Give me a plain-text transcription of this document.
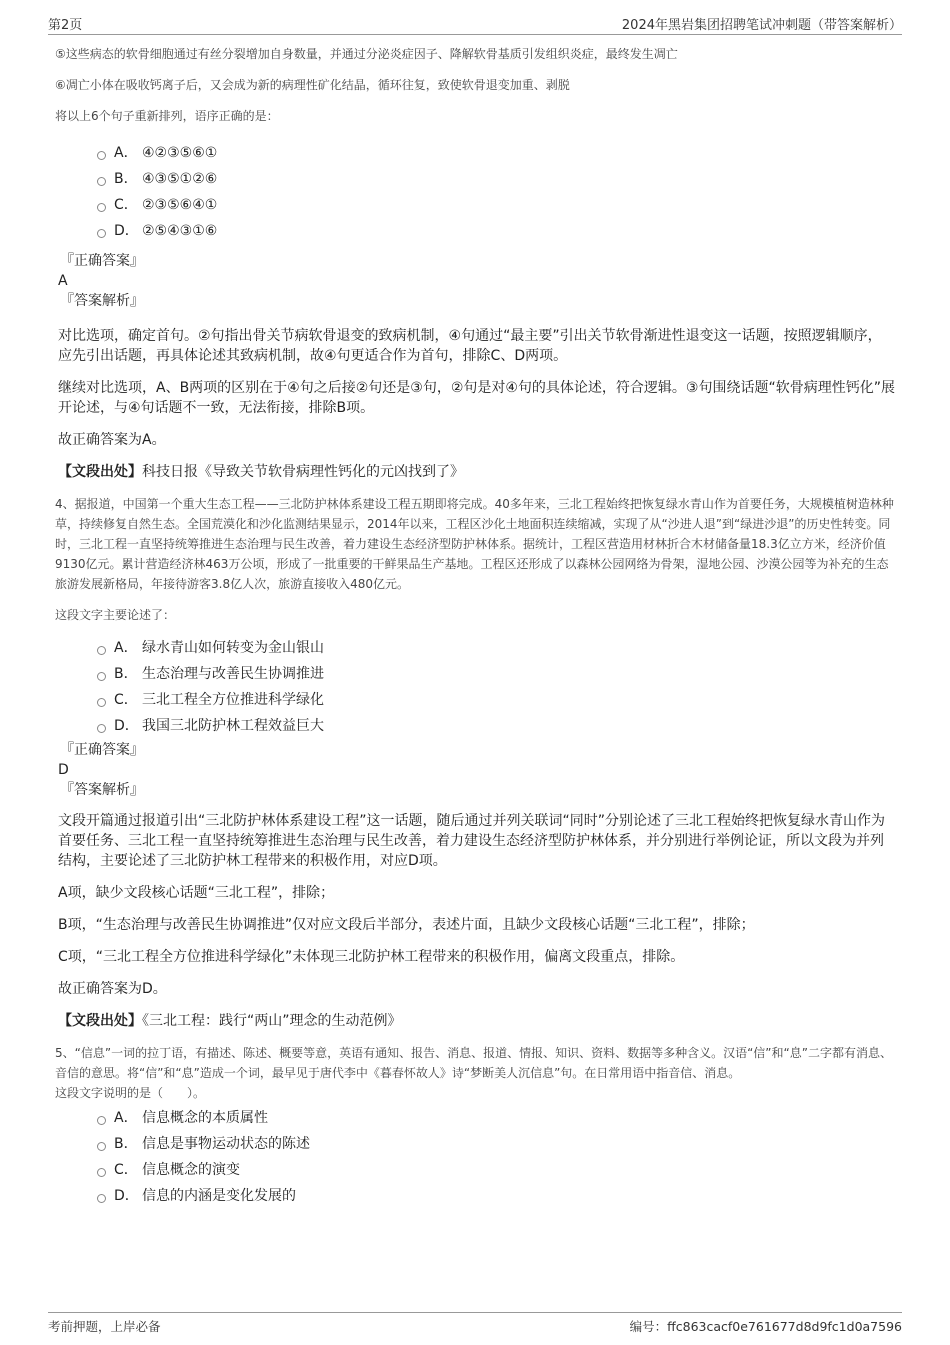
第2页	2024年黑岩集团招聘笔试冲刺题（带答案解析）

⑤这些病态的软骨细胞通过有丝分裂增加自身数量，并通过分泌炎症因子、降解软骨基质引发组织炎症，最终发生凋亡

⑥凋亡小体在吸收钙离子后，又会成为新的病理性矿化结晶，循环往复，致使软骨退变加重、剥脱

将以上6个句子重新排列，语序正确的是：

A． ④②③⑤⑥①
B． ④③⑤①②⑥
C． ②③⑤⑥④①
D． ②⑤④③①⑥

『正确答案』

A

『答案解析』

对比选项，确定首句。②句指出骨关节病软骨退变的致病机制，④句通过“最主要”引出关节软骨渐进性退变这一话题，按照逻辑顺序，应先引出话题，再具体论述其致病机制，故④句更适合作为首句，排除C、D两项。

继续对比选项，A、B两项的区别在于④句之后接②句还是③句，②句是对④句的具体论述，符合逻辑。③句围绕话题“软骨病理性钙化”展开论述，与④句话题不一致，无法衔接，排除B项。

故正确答案为A。

【文段出处】科技日报《导致关节软骨病理性钙化的元凶找到了》

4、据报道，中国第一个重大生态工程——三北防护林体系建设工程五期即将完成。40多年来，三北工程始终把恢复绿水青山作为首要任务，大规模植树造林种草，持续修复自然生态。全国荒漠化和沙化监测结果显示，2014年以来，工程区沙化土地面积连续缩减，实现了从“沙进人退”到“绿进沙退”的历史性转变。同时，三北工程一直坚持统筹推进生态治理与民生改善，着力建设生态经济型防护林体系。据统计，工程区营造用材林折合木材储备量18.3亿立方米，经济价值9130亿元。累计营造经济林463万公顷，形成了一批重要的干鲜果品生产基地。工程区还形成了以森林公园网络为骨架，湿地公园、沙漠公园等为补充的生态旅游发展新格局，年接待游客3.8亿人次，旅游直接收入480亿元。

这段文字主要论述了：

A． 绿水青山如何转变为金山银山
B． 生态治理与改善民生协调推进
C． 三北工程全方位推进科学绿化
D． 我国三北防护林工程效益巨大

『正确答案』

D

『答案解析』

文段开篇通过报道引出“三北防护林体系建设工程”这一话题，随后通过并列关联词“同时”分别论述了三北工程始终把恢复绿水青山作为首要任务、三北工程一直坚持统筹推进生态治理与民生改善，着力建设生态经济型防护林体系，并分别进行举例论证，所以文段为并列结构，主要论述了三北防护林工程带来的积极作用，对应D项。

A项，缺少文段核心话题“三北工程”，排除；

B项，“生态治理与改善民生协调推进”仅对应文段后半部分，表述片面，且缺少文段核心话题“三北工程”，排除；

C项，“三北工程全方位推进科学绿化”未体现三北防护林工程带来的积极作用，偏离文段重点，排除。

故正确答案为D。

【文段出处】《三北工程：践行“两山”理念的生动范例》

5、“信息”一词的拉丁语，有描述、陈述、概要等意，英语有通知、报告、消息、报道、情报、知识、资料、数据等多种含义。汉语“信”和“息”二字都有消息、音信的意思。将“信”和“息”造成一个词，最早见于唐代李中《暮春怀故人》诗“梦断美人沉信息”句。在日常用语中指音信、消息。

这段文字说明的是（　　）。

A． 信息概念的本质属性
B． 信息是事物运动状态的陈述
C． 信息概念的演变
D． 信息的内涵是变化发展的
考前押题，上岸必备	编号：ffc863cacf0e761677d8d9fc1d0a7596
